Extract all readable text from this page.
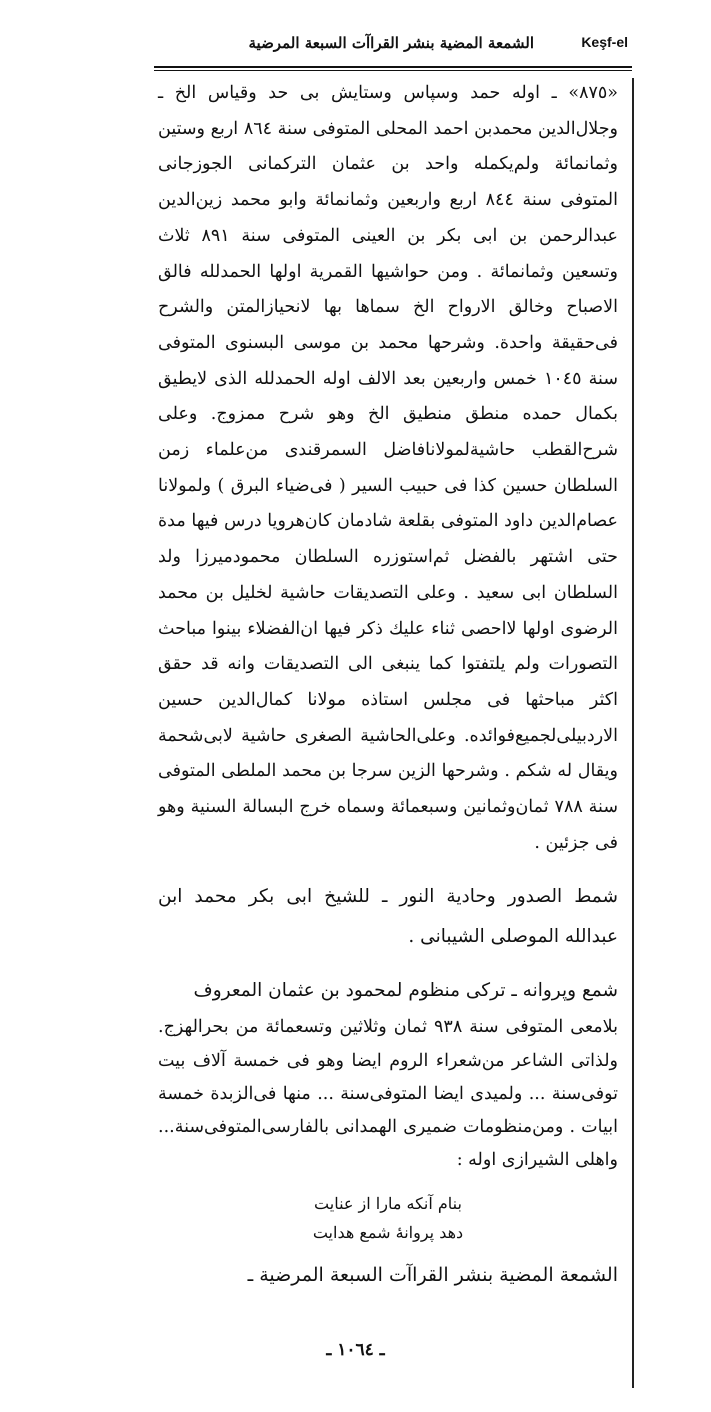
الشمعة المضية بنشر القراآت السبعة المرضية	Keşf-el

«٨٧٥» ـ اوله حمد وسپاس وستايش بى حد وقياس الخ ـ وجلال‌الدين محمدبن احمد المحلى المتوفى سنة ٨٦٤ اربع وستين وثمانمائة ولم‌يكمله واحد بن عثمان التركمانى الجوزجانى المتوفى سنة ٨٤٤ اربع واربعين وثمانمائة وابو محمد زين‌الدين عبدالرحمن بن ابى بكر بن العينى المتوفى سنة ٨٩١ ثلاث وتسعين وثمانمائة . ومن حواشيها القمرية اولها الحمدلله فالق الاصباح وخالق الارواح الخ سماها بها لانحيازالمتن والشرح فى‌حقيقة واحدة. وشرحها محمد بن موسى البسنوى المتوفى سنة ١٠٤٥ خمس واربعين بعد الالف اوله الحمدلله الذى لايطيق بكمال حمده منطق منطيق الخ وهو شرح ممزوج. وعلى شرح‌القطب حاشية‌لمولانافاضل السمرقندى من‌علماء زمن السلطان حسين كذا فى حبيب السير ( فى‌ضياء البرق ) ولمولانا عصام‌الدين داود المتوفى بقلعة شادمان كان‌هرويا درس فيها مدة حتى اشتهر بالفضل ثم‌استوزره السلطان محمودميرزا ولد السلطان ابى سعيد . وعلى التصديقات حاشية لخليل بن محمد الرضوى اولها لااحصى ثناء عليك ذكر فيها ان‌الفضلاء بينوا مباحث التصورات ولم يلتفتوا كما ينبغى الى التصديقات وانه قد حقق اكثر مباحثها فى مجلس استاذه مولانا كمال‌الدين حسين الاردبيلى‌لجميع‌فوائده. وعلى‌الحاشية الصغرى حاشية لابى‌شحمة ويقال له شكم . وشرحها الزين سرجا بن محمد الملطى المتوفى سنة ٧٨٨ ثمان‌وثمانين وسبعمائة وسماه خرج البسالة السنية وهو فى جزئين .

شمط الصدور وحادية النور ـ للشيخ ابى بكر محمد ابن عبدالله الموصلى الشيبانى .

شمع وپروانه ـ تركى منظوم لمحمود بن عثمان المعروف

بلامعى المتوفى سنة ٩٣٨ ثمان وثلاثين وتسعمائة من بحرالهزج. ولذاتى الشاعر من‌شعراء الروم ايضا وهو فى خمسة آلاف بيت توفى‌سنة ... ولميدى ايضا المتوفى‌سنة ... منها فى‌الزبدة خمسة ابيات . ومن‌منظومات ضميرى الهمدانى بالفارسى‌المتوفى‌سنة... واهلى الشيرازى اوله :

بنام آنكه مارا از عنايت
دهد پروانهٔ شمع هدايت

الشمعة المضية بنشر القراآت السبعة المرضية ـ

ـ ١٠٦٤ ـ
